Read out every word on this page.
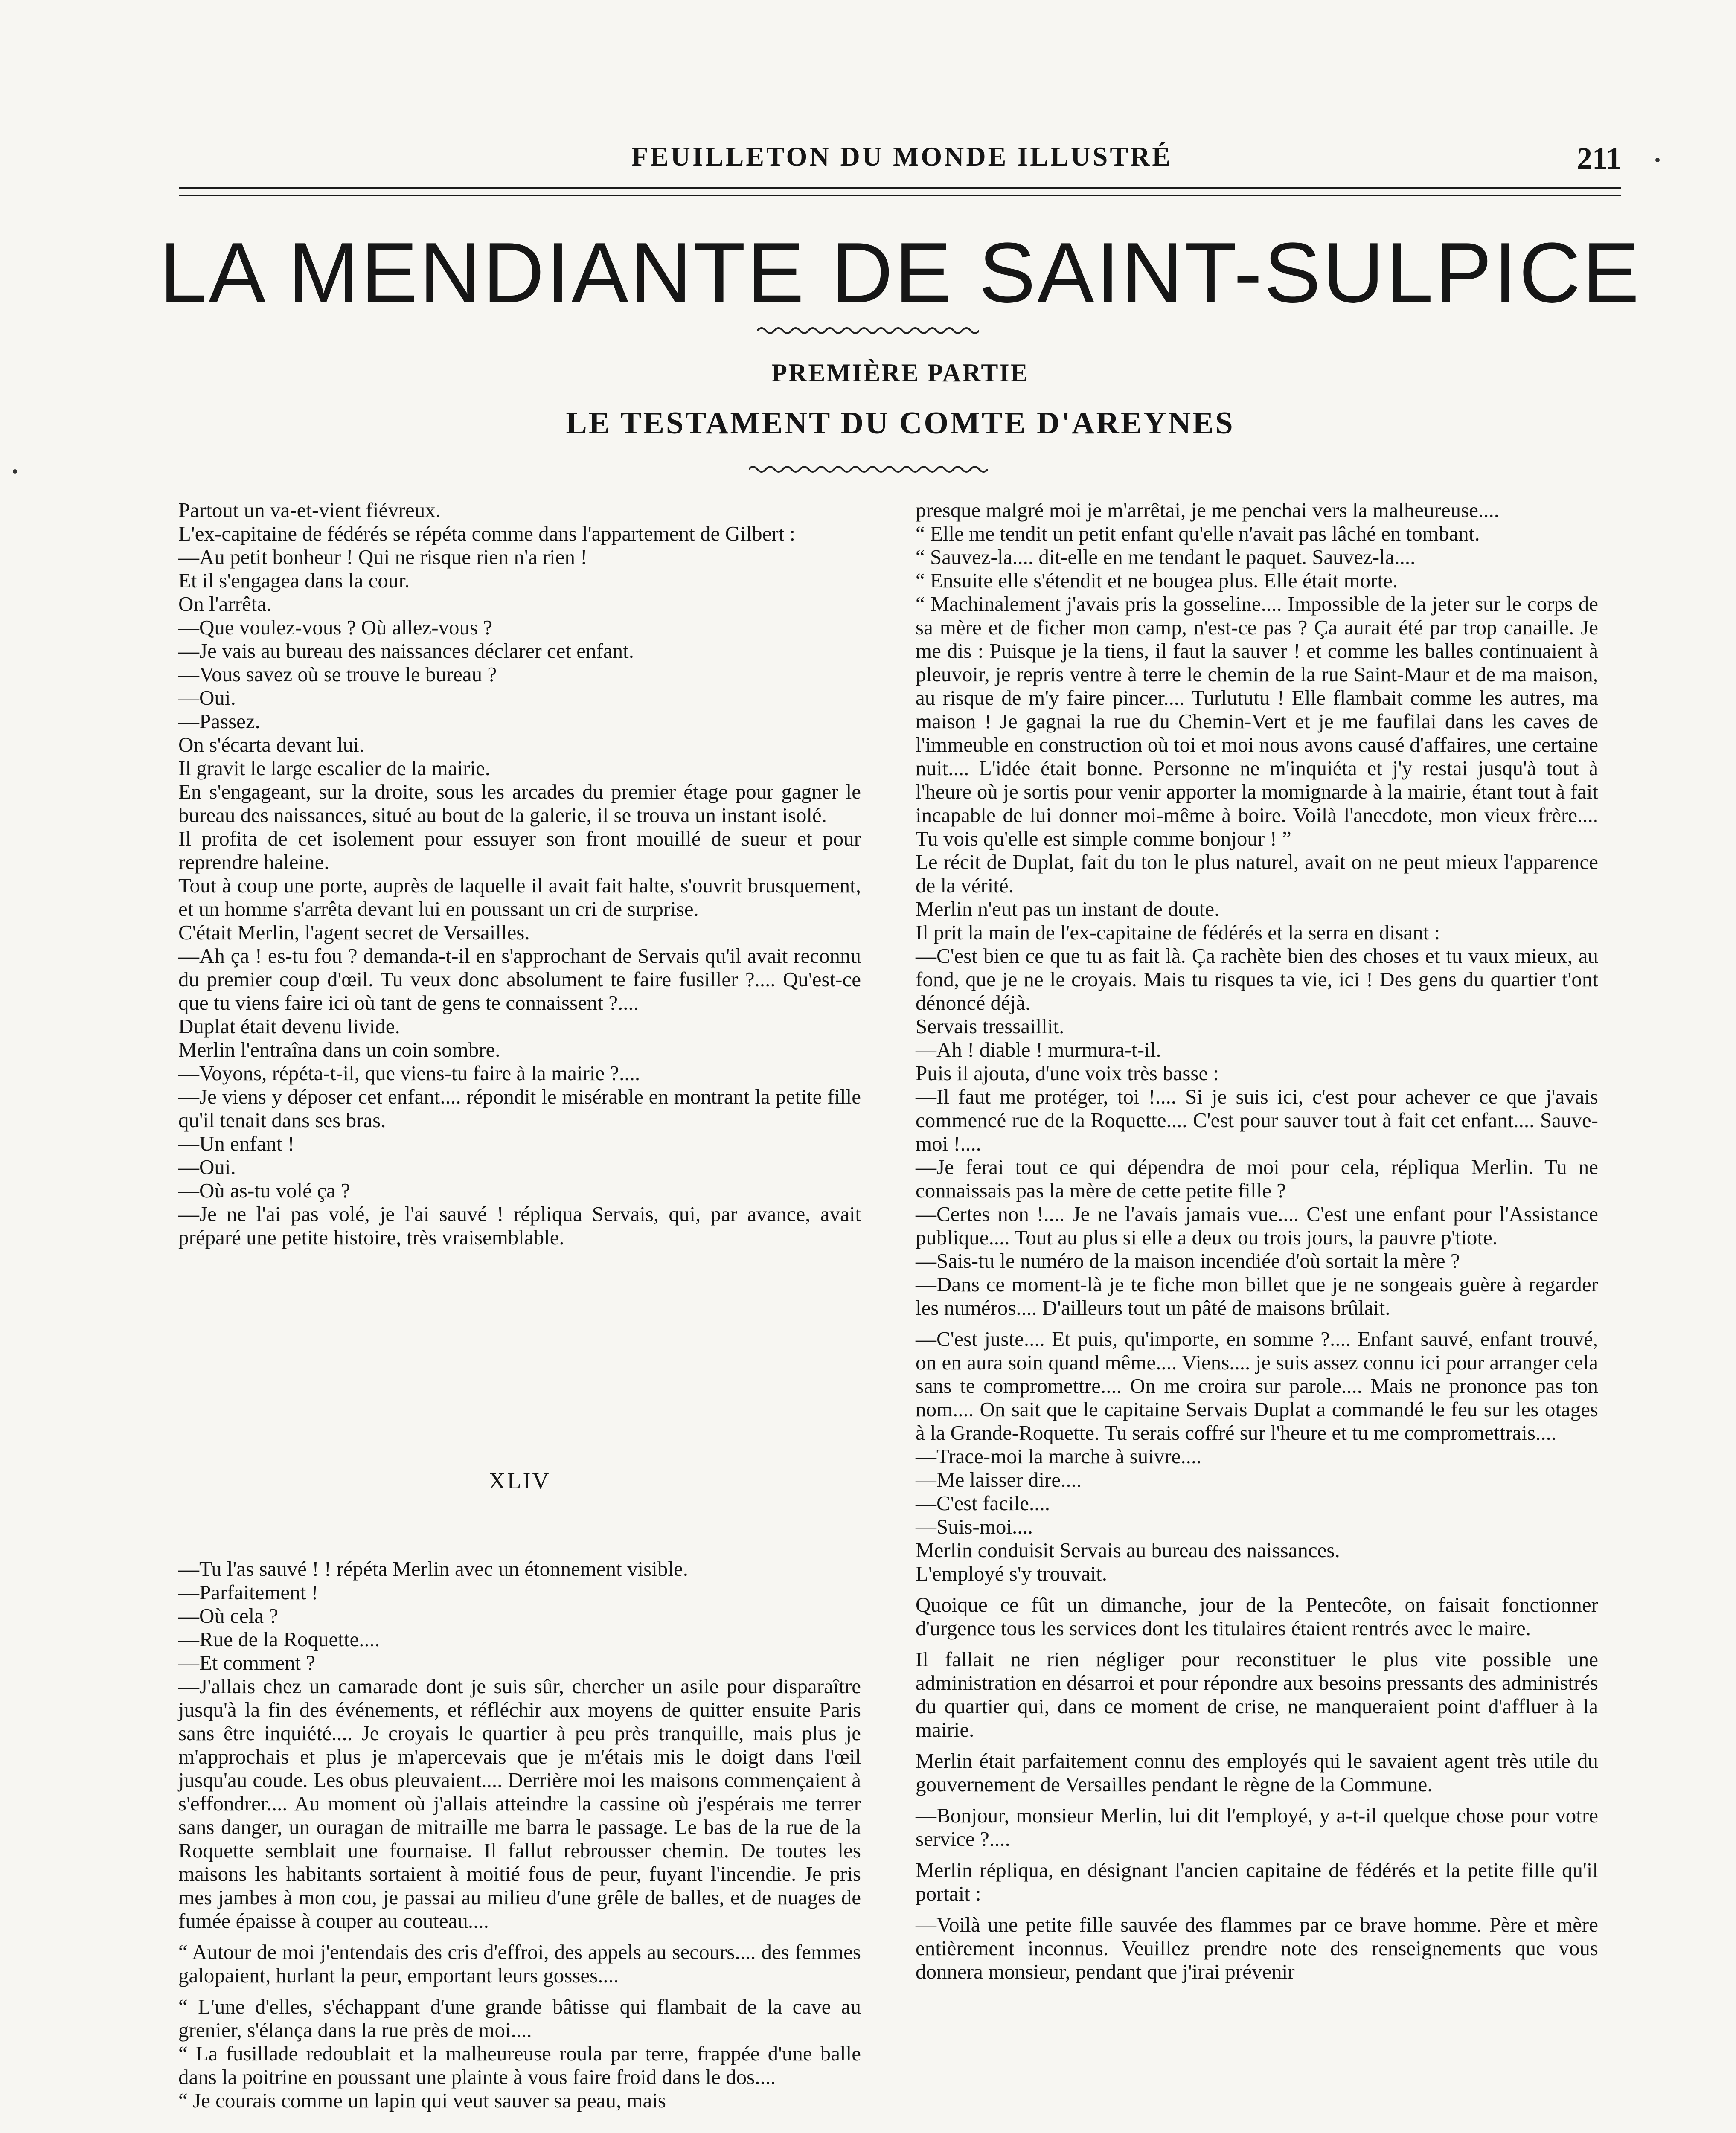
FEUILLETON DU MONDE ILLUSTRÉ	211
LA MENDIANTE DE SAINT-SULPICE
PREMIÈRE PARTIE
LE TESTAMENT DU COMTE D'AREYNES

Partout un va-et-vient fiévreux.

L'ex-capitaine de fédérés se répéta comme dans l'appartement de Gilbert :

—Au petit bonheur ! Qui ne risque rien n'a rien !

Et il s'engagea dans la cour.

On l'arrêta.

—Que voulez-vous ? Où allez-vous ?

—Je vais au bureau des naissances déclarer cet enfant.

—Vous savez où se trouve le bureau ?

—Oui.

—Passez.

On s'écarta devant lui.

Il gravit le large escalier de la mairie.

En s'engageant, sur la droite, sous les arcades du premier étage pour gagner le bureau des naissances, situé au bout de la galerie, il se trouva un instant isolé.

Il profita de cet isolement pour essuyer son front mouillé de sueur et pour reprendre haleine.

Tout à coup une porte, auprès de laquelle il avait fait halte, s'ouvrit brusquement, et un homme s'arrêta devant lui en poussant un cri de surprise.

C'était Merlin, l'agent secret de Versailles.

—Ah ça ! es-tu fou ? demanda-t-il en s'approchant de Servais qu'il avait reconnu du premier coup d'œil. Tu veux donc absolument te faire fusiller ?.... Qu'est-ce que tu viens faire ici où tant de gens te connaissent ?....

Duplat était devenu livide.

Merlin l'entraîna dans un coin sombre.

—Voyons, répéta-t-il, que viens-tu faire à la mairie ?....

—Je viens y déposer cet enfant.... répondit le misérable en montrant la petite fille qu'il tenait dans ses bras.

—Un enfant !

—Oui.

—Où as-tu volé ça ?

—Je ne l'ai pas volé, je l'ai sauvé ! répliqua Servais, qui, par avance, avait préparé une petite histoire, très vraisemblable.

XLIV

—Tu l'as sauvé ! ! répéta Merlin avec un étonnement visible.

—Parfaitement !

—Où cela ?

—Rue de la Roquette....

—Et comment ?

—J'allais chez un camarade dont je suis sûr, chercher un asile pour disparaître jusqu'à la fin des événements, et réfléchir aux moyens de quitter ensuite Paris sans être inquiété.... Je croyais le quartier à peu près tranquille, mais plus je m'approchais et plus je m'apercevais que je m'étais mis le doigt dans l'œil jusqu'au coude. Les obus pleuvaient.... Derrière moi les maisons commençaient à s'effondrer.... Au moment où j'allais atteindre la cassine où j'espérais me terrer sans danger, un ouragan de mitraille me barra le passage. Le bas de la rue de la Roquette semblait une fournaise. Il fallut rebrousser chemin. De toutes les maisons les habitants sortaient à moitié fous de peur, fuyant l'incendie. Je pris mes jambes à mon cou, je passai au milieu d'une grêle de balles, et de nuages de fumée épaisse à couper au couteau....

“ Autour de moi j'entendais des cris d'effroi, des appels au secours.... des femmes galopaient, hurlant la peur, emportant leurs gosses....

“ L'une d'elles, s'échappant d'une grande bâtisse qui flambait de la cave au grenier, s'élança dans la rue près de moi....

“ La fusillade redoublait et la malheureuse roula par terre, frappée d'une balle dans la poitrine en poussant une plainte à vous faire froid dans le dos....

“ Je courais comme un lapin qui veut sauver sa peau, mais

presque malgré moi je m'arrêtai, je me penchai vers la malheureuse....

“ Elle me tendit un petit enfant qu'elle n'avait pas lâché en tombant.

“ Sauvez-la.... dit-elle en me tendant le paquet. Sauvez-la....

“ Ensuite elle s'étendit et ne bougea plus. Elle était morte.

“ Machinalement j'avais pris la gosseline.... Impossible de la jeter sur le corps de sa mère et de ficher mon camp, n'est-ce pas ? Ça aurait été par trop canaille. Je me dis : Puisque je la tiens, il faut la sauver ! et comme les balles continuaient à pleuvoir, je repris ventre à terre le chemin de la rue Saint-Maur et de ma maison, au risque de m'y faire pincer.... Turlututu ! Elle flambait comme les autres, ma maison ! Je gagnai la rue du Chemin-Vert et je me faufilai dans les caves de l'immeuble en construction où toi et moi nous avons causé d'affaires, une certaine nuit.... L'idée était bonne. Personne ne m'inquiéta et j'y restai jusqu'à tout à l'heure où je sortis pour venir apporter la momignarde à la mairie, étant tout à fait incapable de lui donner moi-même à boire. Voilà l'anecdote, mon vieux frère.... Tu vois qu'elle est simple comme bonjour ! ”

Le récit de Duplat, fait du ton le plus naturel, avait on ne peut mieux l'apparence de la vérité.

Merlin n'eut pas un instant de doute.

Il prit la main de l'ex-capitaine de fédérés et la serra en disant :

—C'est bien ce que tu as fait là. Ça rachète bien des choses et tu vaux mieux, au fond, que je ne le croyais. Mais tu risques ta vie, ici ! Des gens du quartier t'ont dénoncé déjà.

Servais tressaillit.

—Ah ! diable ! murmura-t-il.

Puis il ajouta, d'une voix très basse :

—Il faut me protéger, toi !.... Si je suis ici, c'est pour achever ce que j'avais commencé rue de la Roquette.... C'est pour sauver tout à fait cet enfant.... Sauve-moi !....

—Je ferai tout ce qui dépendra de moi pour cela, répliqua Merlin. Tu ne connaissais pas la mère de cette petite fille ?

—Certes non !.... Je ne l'avais jamais vue.... C'est une enfant pour l'Assistance publique.... Tout au plus si elle a deux ou trois jours, la pauvre p'tiote.

—Sais-tu le numéro de la maison incendiée d'où sortait la mère ?

—Dans ce moment-là je te fiche mon billet que je ne songeais guère à regarder les numéros.... D'ailleurs tout un pâté de maisons brûlait.

—C'est juste.... Et puis, qu'importe, en somme ?.... Enfant sauvé, enfant trouvé, on en aura soin quand même.... Viens.... je suis assez connu ici pour arranger cela sans te compromettre.... On me croira sur parole.... Mais ne prononce pas ton nom.... On sait que le capitaine Servais Duplat a commandé le feu sur les otages à la Grande-Roquette. Tu serais coffré sur l'heure et tu me compromettrais....

—Trace-moi la marche à suivre....

—Me laisser dire....

—C'est facile....

—Suis-moi....

Merlin conduisit Servais au bureau des naissances.

L'employé s'y trouvait.

Quoique ce fût un dimanche, jour de la Pentecôte, on faisait fonctionner d'urgence tous les services dont les titulaires étaient rentrés avec le maire.

Il fallait ne rien négliger pour reconstituer le plus vite possible une administration en désarroi et pour répondre aux besoins pressants des administrés du quartier qui, dans ce moment de crise, ne manqueraient point d'affluer à la mairie.

Merlin était parfaitement connu des employés qui le savaient agent très utile du gouvernement de Versailles pendant le règne de la Commune.

—Bonjour, monsieur Merlin, lui dit l'employé, y a-t-il quelque chose pour votre service ?....

Merlin répliqua, en désignant l'ancien capitaine de fédérés et la petite fille qu'il portait :

—Voilà une petite fille sauvée des flammes par ce brave homme. Père et mère entièrement inconnus. Veuillez prendre note des renseignements que vous donnera monsieur, pendant que j'irai prévenir
